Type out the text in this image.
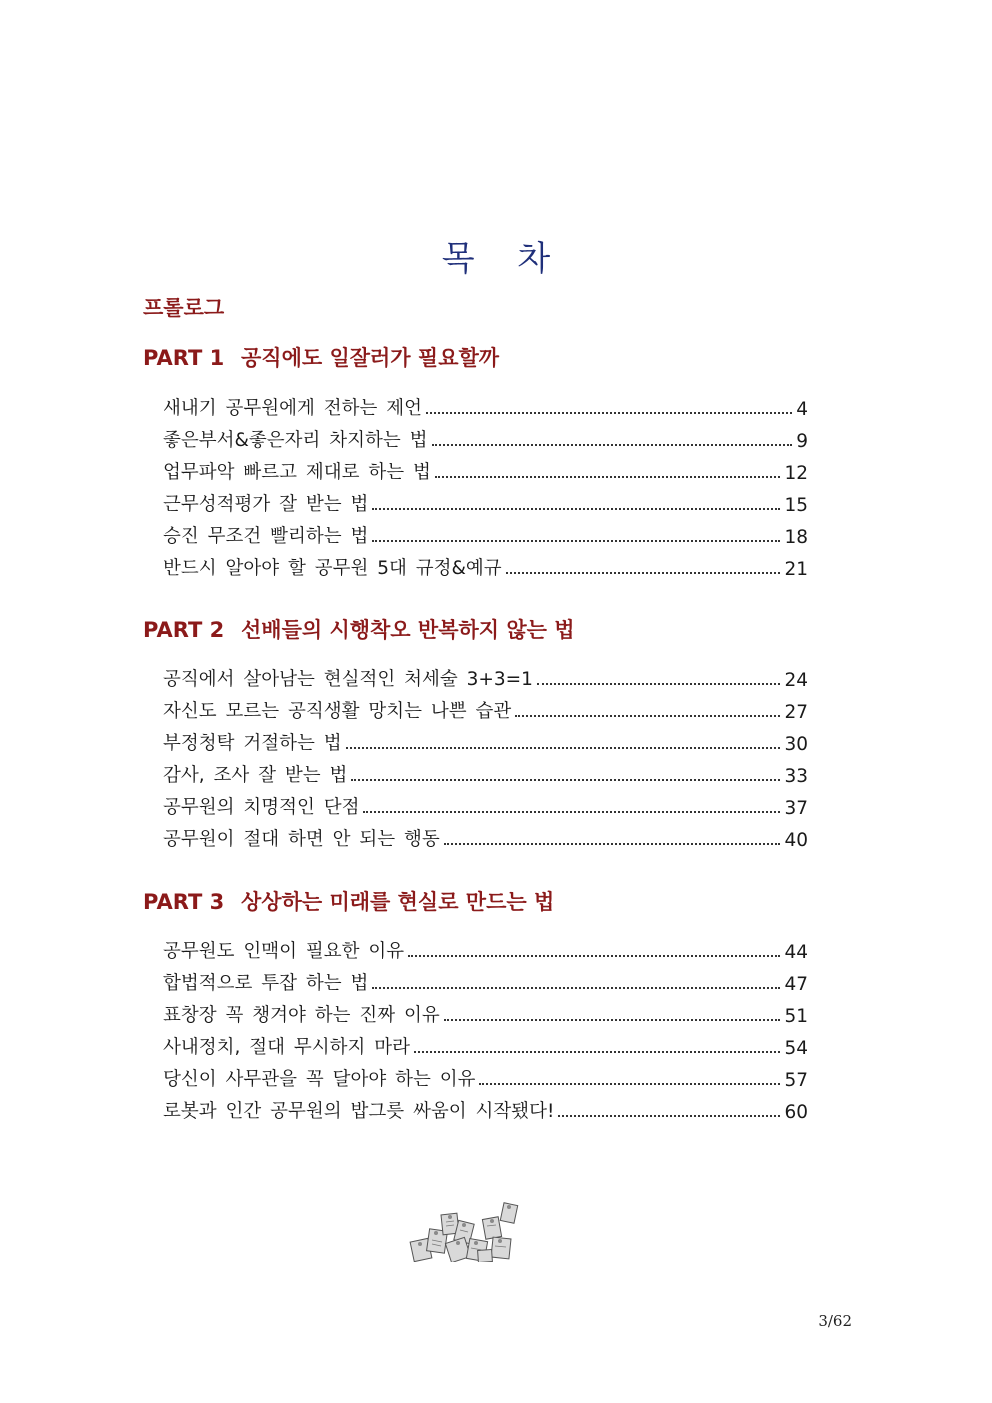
목 차
프롤로그
PART 1 공직에도 일잘러가 필요할까
새내기 공무원에게 전하는 제언	4
좋은부서&좋은자리 차지하는 법	9
업무파악 빠르고 제대로 하는 법	12
근무성적평가 잘 받는 법	15
승진 무조건 빨리하는 법	18
반드시 알아야 할 공무원 5대 규정&예규	21
PART 2 선배들의 시행착오 반복하지 않는 법
공직에서 살아남는 현실적인 처세술 3+3=1	24
자신도 모르는 공직생활 망치는 나쁜 습관	27
부정청탁 거절하는 법	30
감사, 조사 잘 받는 법	33
공무원의 치명적인 단점	37
공무원이 절대 하면 안 되는 행동	40
PART 3 상상하는 미래를 현실로 만드는 법
공무원도 인맥이 필요한 이유	44
합법적으로 투잡 하는 법	47
표창장 꼭 챙겨야 하는 진짜 이유	51
사내정치, 절대 무시하지 마라	54
당신이 사무관을 꼭 달아야 하는 이유	57
로봇과 인간 공무원의 밥그릇 싸움이 시작됐다!	60
3/62
